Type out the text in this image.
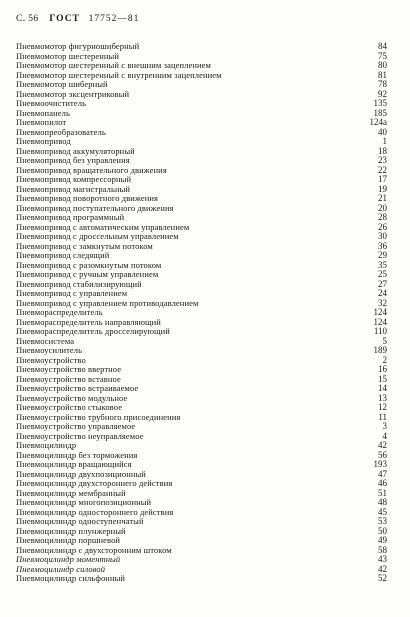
С. 56 ГОСТ 17752—81
Пневмомотор фигурношиберный	84
Пневмомотор шестеренный	75
Пневмомотор шестеренный с внешним зацеплением	80
Пневмомотор шестеренный с внутренним зацеплением	81
Пневмомотор шиберный	78
Пневмомотор эксцентриковый	92
Пневмоочиститель	135
Пневмопанель	185
Пневмопилот	124а
Пневмопреобразователь	40
Пневмопривод	1
Пневмопривод аккумуляторный	18
Пневмопривод без управления	23
Пневмопривод вращательного движения	22
Пневмопривод компрессорный	17
Пневмопривод магистральный	19
Пневмопривод поворотного движения	21
Пневмопривод поступательного движения	20
Пневмопривод программный	28
Пневмопривод с автоматическим управлением	26
Пневмопривод с дроссельным управлением	30
Пневмопривод с замкнутым потоком	36
Пневмопривод следящий	29
Пневмопривод с разомкнутым потоком	35
Пневмопривод с ручным управлением	25
Пневмопривод стабилизирующий	27
Пневмопривод с управлением	24
Пневмопривод с управлением противодавлением	32
Пневмораспределитель	124
Пневмораспределитель направляющий	124
Пневмораспределитель дросселирующий	110
Пневмосистема	5
Пневмоусилитель	189
Пневмоустройство	2
Пневмоустройство ввертное	16
Пневмоустройство вставное	15
Пневмоустройство встраиваемое	14
Пневмоустройство модульное	13
Пневмоустройство стыковое	12
Пневмоустройство трубного присоединения	11
Пневмоустройство управляемое	3
Пневмоустройство неуправляемое	4
Пневмоцилиндр	42
Пневмоцилиндр без торможения	56
Пневмоцилиндр вращающийся	193
Пневмоцилиндр двухпозиционный	47
Пневмоцилиндр двухстороннего действия	46
Пневмоцилиндр мембранный	51
Пневмоцилиндр многопозиционный	48
Пневмоцилиндр одностороннего действия	45
Пневмоцилиндр одноступенчатый	53
Пневмоцилиндр плунжерный	50
Пневмоцилиндр поршневой	49
Пневмоцилиндр с двухсторонним штоком	58
Пневмоцилиндр моментный	43
Пневмоцилиндр силовой	42
Пневмоцилиндр сильфонный	52
